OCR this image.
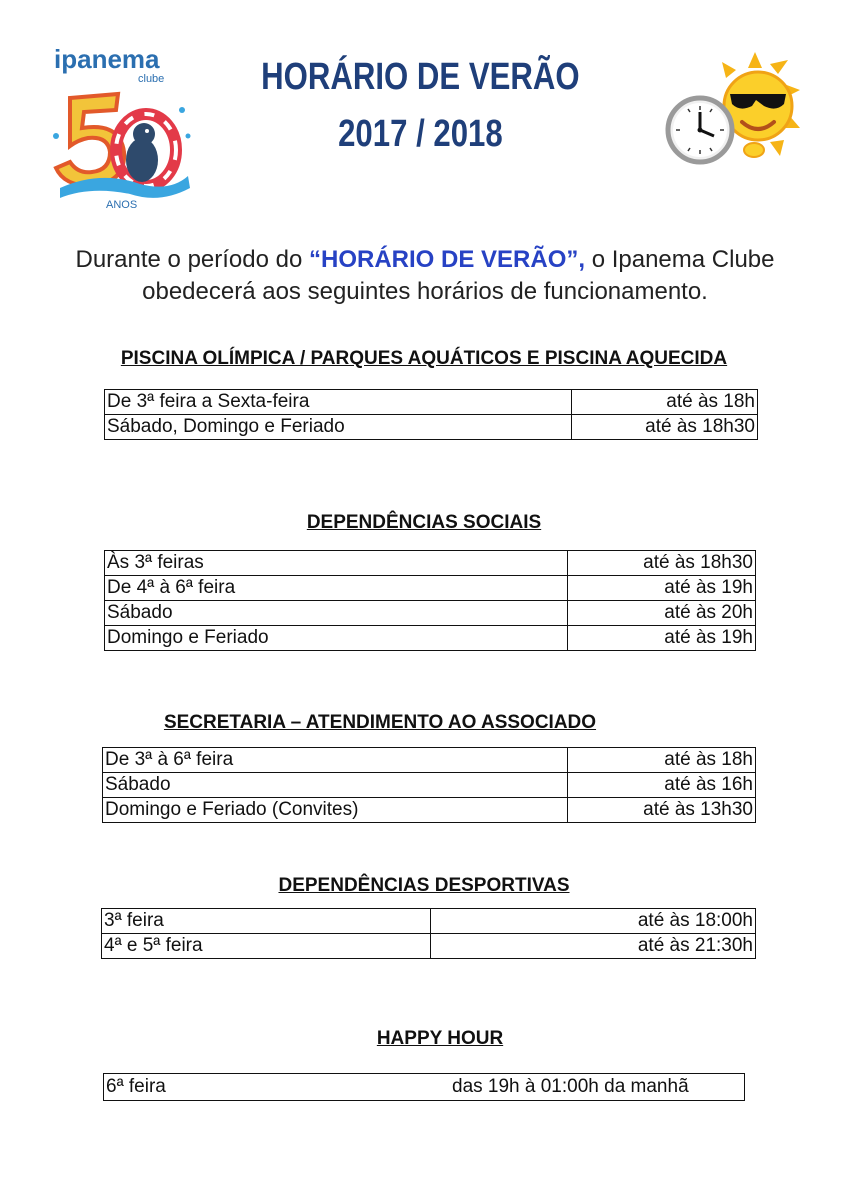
ipanema
clube
ANOS
HORÁRIO DE VERÃO
2017 / 2018
Durante o período do “HORÁRIO DE VERÃO”, o Ipanema Clube obedecerá aos seguintes horários de funcionamento.
PISCINA OLÍMPICA / PARQUES AQUÁTICOS E PISCINA AQUECIDA
De 3ª feira a Sexta-feira	até às 18h
Sábado, Domingo e Feriado	até às 18h30
DEPENDÊNCIAS SOCIAIS
Às 3ª feiras	até às 18h30
De 4ª à 6ª feira	até às 19h
Sábado	até às 20h
Domingo e Feriado	até às 19h
SECRETARIA – ATENDIMENTO AO ASSOCIADO
De 3ª à 6ª feira	até às 18h
Sábado	até às 16h
Domingo e Feriado (Convites)	até às 13h30
DEPENDÊNCIAS DESPORTIVAS
3ª feira	até às 18:00h
4ª e 5ª feira	até às 21:30h
HAPPY HOUR
6ª feira	das 19h à 01:00h da manhã
